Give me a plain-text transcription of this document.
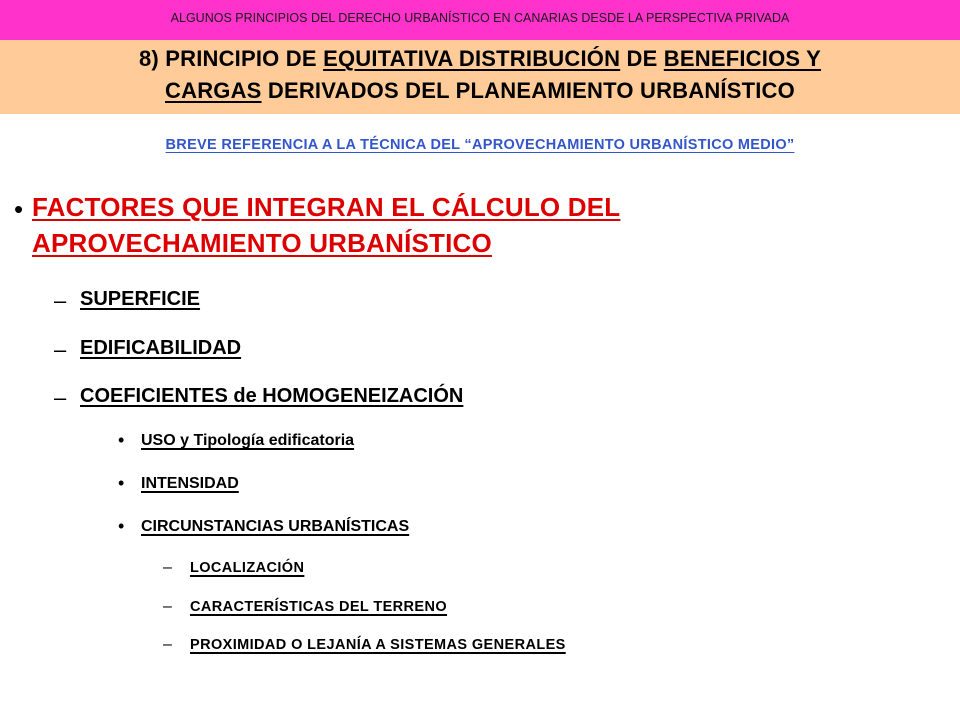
ALGUNOS PRINCIPIOS DEL DERECHO URBANÍSTICO EN CANARIAS DESDE LA PERSPECTIVA PRIVADA
8) PRINCIPIO DE EQUITATIVA DISTRIBUCIÓN DE BENEFICIOS Y
CARGAS DERIVADOS DEL PLANEAMIENTO URBANÍSTICO
BREVE REFERENCIA A LA TÉCNICA DEL “APROVECHAMIENTO URBANÍSTICO MEDIO”
• FACTORES QUE INTEGRAN EL CÁLCULO DEL
APROVECHAMIENTO URBANÍSTICO
– SUPERFICIE
– EDIFICABILIDAD
– COEFICIENTES de HOMOGENEIZACIÓN
• USO y Tipología edificatoria
• INTENSIDAD
• CIRCUNSTANCIAS URBANÍSTICAS
– LOCALIZACIÓN
– CARACTERÍSTICAS DEL TERRENO
– PROXIMIDAD O LEJANÍA A SISTEMAS GENERALES
